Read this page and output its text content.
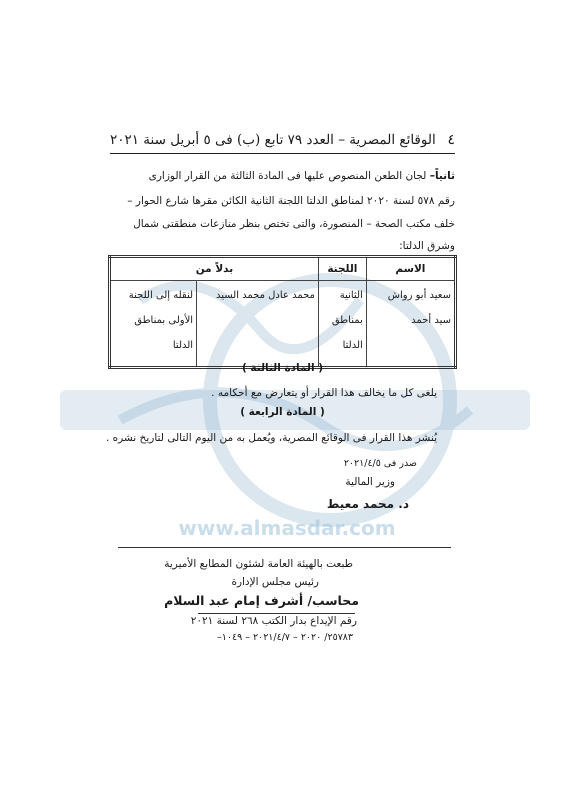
www.almasdar.com
٤
الوقائع المصرية – العدد ٧٩ تابع (ب) فى ٥ أبريل سنة ٢٠٢١
ثانياً– لجان الطعن المنصوص عليها فى المادة الثالثة من القرار الوزارى
رقم ٥٧٨ لسنة ٢٠٢٠ لمناطق الدلتا اللجنة الثانية الكائن مقرها شارع الحوار –
خلف مكتب الصحة – المنصورة، والتى تختص بنظر منازعات منطقتى شمال
وشرق الدلتا:
الاسم	اللجنة	بدلاً من	
سعيد أبو رواش سيد أحمد	الثانية بمناطق الدلتا	محمد عادل محمد السيد	لنقله إلى اللجنة الأولى بمناطق الدلتا
( المادة الثالثة )
يلغى كل ما يخالف هذا القرار أو يتعارض مع أحكامه .
( المادة الرابعة )
يُنشر هذا القرار فى الوقائع المصرية، ويُعمل به من اليوم التالى لتاريخ نشره .
صدر فى ٢٠٢١/٤/٥
وزير المالية
د. محمد معيط
طبعت بالهيئة العامة لشئون المطابع الأميرية
رئيس مجلس الإدارة
محاسب/ أشرف إمام عبد السلام
رقم الإيداع بدار الكتب ٢٦٨ لسنة ٢٠٢١
٢٥٧٨٣/ ٢٠٢٠ – ٢٠٢١/٤/٧ – ١٠٤٩–
